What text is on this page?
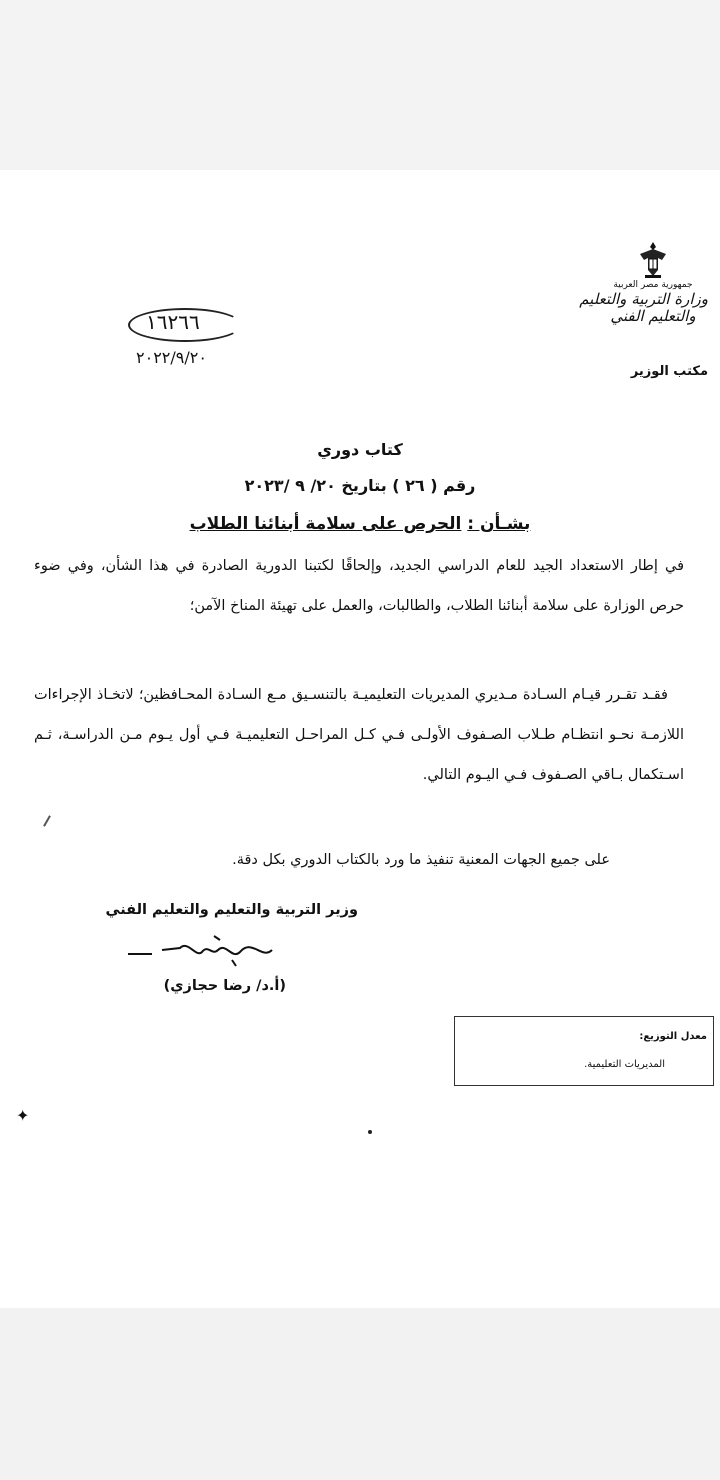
جمهورية مصر العربية
وزارة التربية والتعليم
والتعليم الفني
مكتب الوزير
١٦٢٦٦
٢٠٢٢/٩/٢٠
كتاب دوري
رقم ( ٢٦ ) بتاريخ ٢٠/ ٩ /٢٠٢٣
بشـأن : الحرص على سلامة أبنائنا الطلاب
في إطار الاستعداد الجيد للعام الدراسي الجديد، وإلحاقًا لكتبنا الدورية الصادرة في هذا الشأن، وفي ضوء حرص الوزارة على سلامة أبنائنا الطلاب، والطالبات، والعمل على تهيئة المناخ الآمن؛
فقـد تقـرر قيـام السـادة مـديري المديريات التعليميـة بالتنسـيق مـع السـادة المحـافظين؛ لاتخـاذ الإجراءات اللازمـة نحـو انتظـام طـلاب الصـفوف الأولـى فـي كـل المراحـل التعليميـة فـي أول يـوم مـن الدراسـة، ثـم اسـتكمال بـاقي الصـفوف فـي اليـوم التالي.
على جميع الجهات المعنية تنفيذ ما ورد بالكتاب الدوري بكل دقة.
وزير التربية والتعليم والتعليم الفني
(أ.د/ رضا حجازي)
معدل التوزيع:
المديريات التعليمية.
✦
